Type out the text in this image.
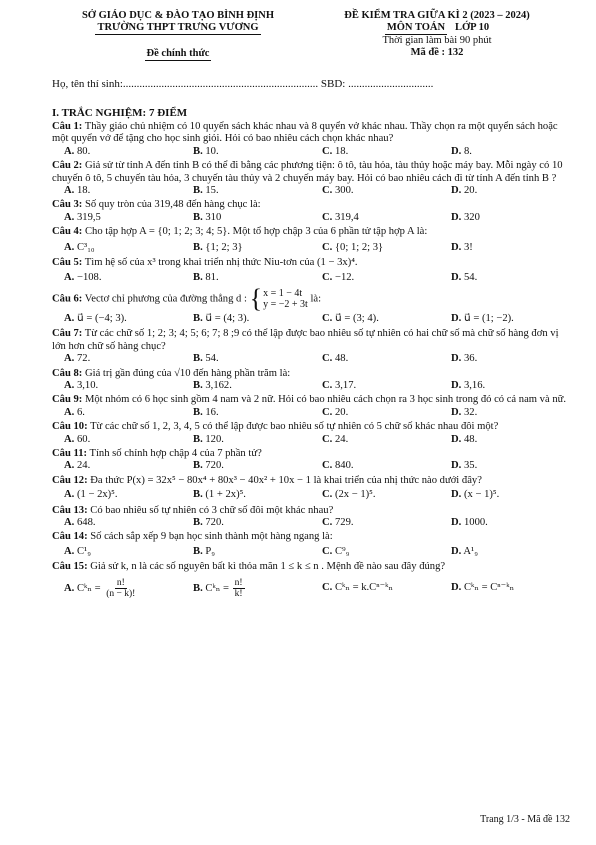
SỞ GIÁO DỤC & ĐÀO TẠO BÌNH ĐỊNH
TRƯỜNG THPT TRƯNG VƯƠNG
Đề chính thức
ĐỀ KIỂM TRA GIỮA KÌ 2 (2023 – 2024)
MÔN TOÁN LỚP 10
Thời gian làm bài 90 phút
Mã đề : 132
Họ, tên thí sinh:....................................................................... SBD: ...............................
I. TRẮC NGHIỆM: 7 ĐIỂM

Câu 1: Thầy giáo chủ nhiệm có 10 quyển sách khác nhau và 8 quyển vở khác nhau. Thầy chọn ra một quyển sách hoặc một quyển vở để tặng cho học sinh giỏi. Hỏi có bao nhiêu cách chọn khác nhau?

A. 80.	B. 10.	C. 18.	D. 8.

Câu 2: Giả sử từ tỉnh A đến tỉnh B có thể đi bằng các phương tiện: ô tô, tàu hỏa, tàu thủy hoặc máy bay. Mỗi ngày có 10 chuyến ô tô, 5 chuyến tàu hỏa, 3 chuyến tàu thủy và 2 chuyến máy bay. Hỏi có bao nhiêu cách đi từ tỉnh A đến tỉnh B ?

A. 18.	B. 15.	C. 300.	D. 20.

Câu 3: Số quy tròn của 319,48 đến hàng chục là:

A. 319,5	B. 310	C. 319,4	D. 320

Câu 4: Cho tập hợp A = {0; 1; 2; 3; 4; 5}. Một tổ hợp chập 3 của 6 phần tử tập hợp A là:

A. C³₁₀	B. {1; 2; 3}	C. {0; 1; 2; 3}	D. 3!

Câu 5: Tìm hệ số của x³ trong khai triển nhị thức Niu-tơn của (1 − 3x)⁴.

A. −108.	B. 81.	C. −12.	D. 54.

Câu 6: Vectơ chỉ phương của đường thẳng d : { x = 1 − 4t
y = −2 + 3t
là:

A. u⃗ = (−4; 3).	B. u⃗ = (4; 3).	C. u⃗ = (3; 4).	D. u⃗ = (1; −2).

Câu 7: Từ các chữ số 1; 2; 3; 4; 5; 6; 7; 8 ;9 có thể lập được bao nhiêu số tự nhiên có hai chữ số mà chữ số hàng đơn vị lớn hơn chữ số hàng chục?

A. 72.	B. 54.	C. 48.	D. 36.

Câu 8: Giá trị gần đúng của √10 đến hàng phần trăm là:

A. 3,10.	B. 3,162.	C. 3,17.	D. 3,16.

Câu 9: Một nhóm có 6 học sinh gồm 4 nam và 2 nữ. Hỏi có bao nhiêu cách chọn ra 3 học sinh trong đó có cả nam và nữ.

A. 6.	B. 16.	C. 20.	D. 32.

Câu 10: Từ các chữ số 1, 2, 3, 4, 5 có thể lập được bao nhiêu số tự nhiên có 5 chữ số khác nhau đôi một?

A. 60.	B. 120.	C. 24.	D. 48.

Câu 11: Tính số chỉnh hợp chập 4 của 7 phần tử?

A. 24.	B. 720.	C. 840.	D. 35.

Câu 12: Đa thức P(x) = 32x⁵ − 80x⁴ + 80x³ − 40x² + 10x − 1 là khai triển của nhị thức nào dưới đây?

A. (1 − 2x)⁵.	B. (1 + 2x)⁵.	C. (2x − 1)⁵.	D. (x − 1)⁵.

Câu 13: Có bao nhiêu số tự nhiên có 3 chữ số đôi một khác nhau?

A. 648.	B. 720.	C. 729.	D. 1000.

Câu 14: Số cách sắp xếp 9 bạn học sinh thành một hàng ngang là:

A. C¹₉	B. P₉	C. C⁹₉	D. A¹₉

Câu 15: Giả sử k, n là các số nguyên bất kì thỏa mãn 1 ≤ k ≤ n . Mệnh đề nào sau đây đúng?

A. Cᵏₙ = $\frac{n!}{(n - k)!}$	B. Cᵏₙ = $\frac{n!}{k!}$	C. Cᵏₙ = k.Cⁿ⁻ᵏₙ	D. Cᵏₙ = Cⁿ⁻ᵏₙ
Trang 1/3 - Mã đề 132
